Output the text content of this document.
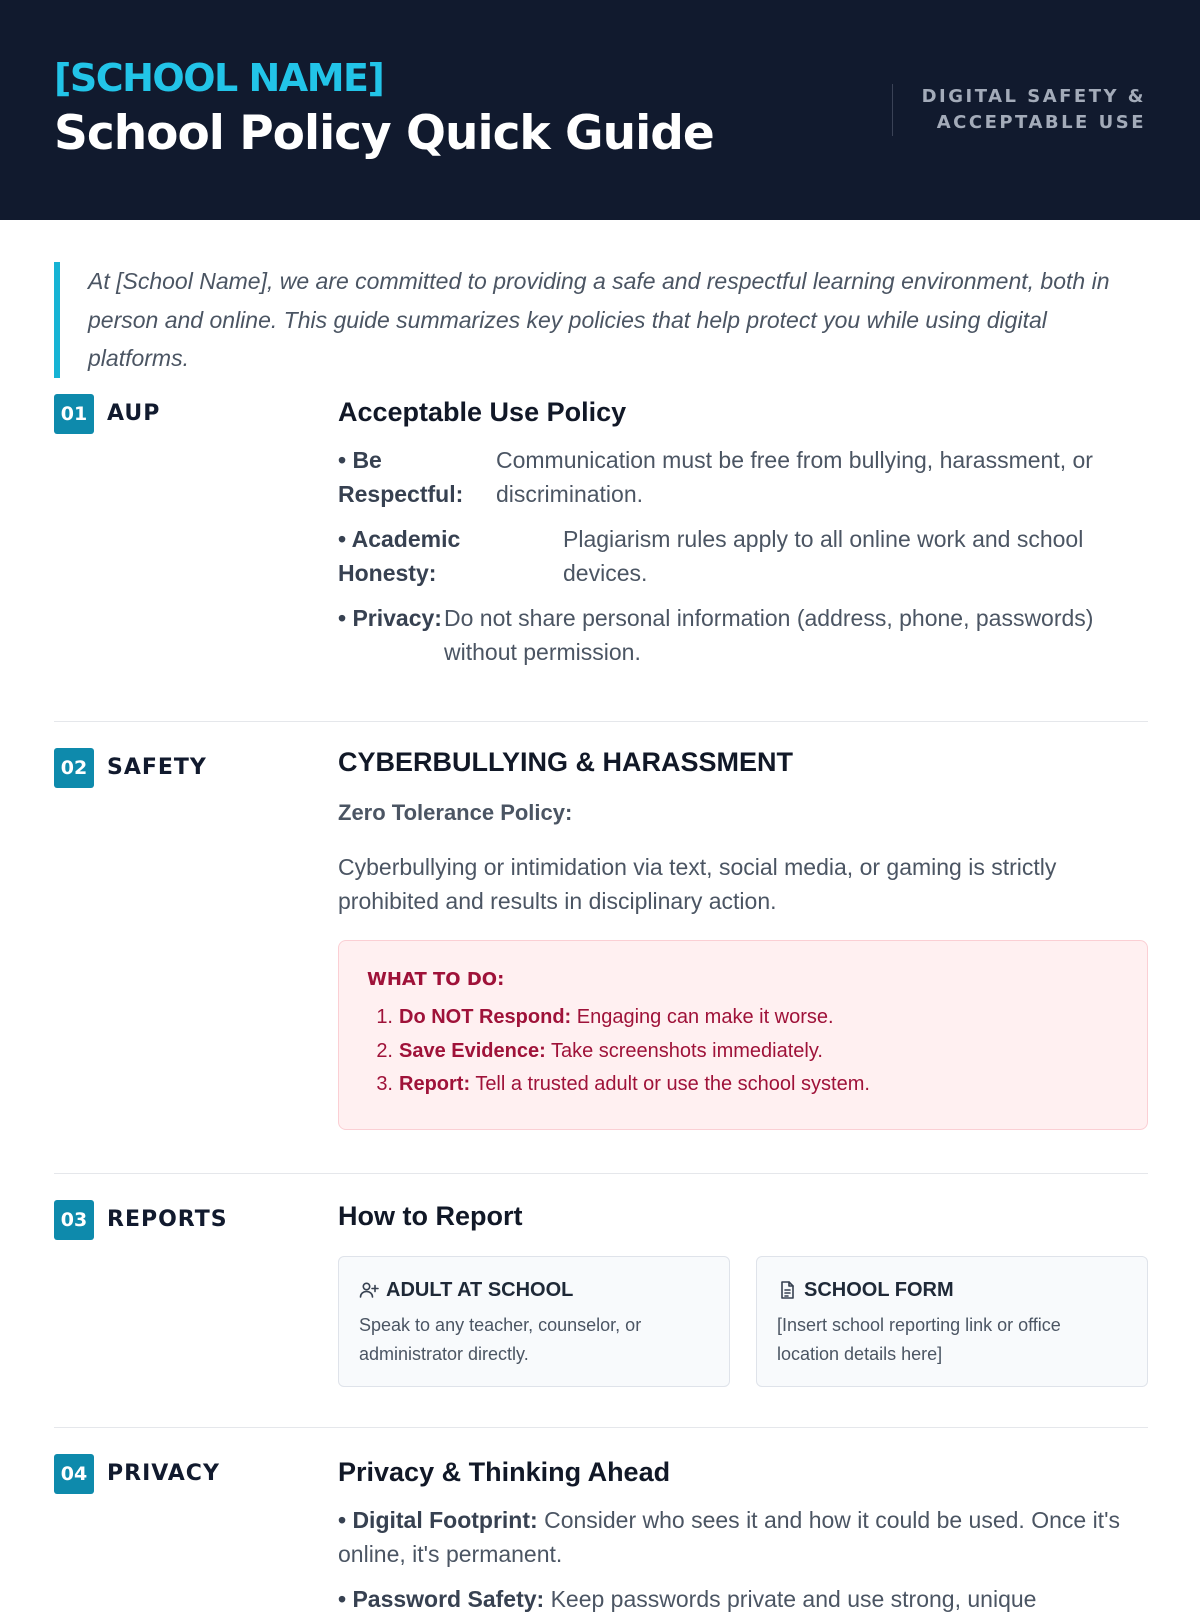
[SCHOOL NAME]
School Policy Quick Guide
DIGITAL SAFETY &
ACCEPTABLE USE
At [School Name], we are committed to providing a safe and respectful learning environment, both in person and online. This guide summarizes key policies that help protect you while using digital platforms.
01 AUP	Acceptable Use Policy
• Be Respectful:
Communication must be free from bullying, harassment, or discrimination.
• Academic Honesty:
Plagiarism rules apply to all online work and school devices.
• Privacy: Do not share personal information (address, phone, passwords) without permission.
02 SAFETY	CYBERBULLYING & HARASSMENT
Zero Tolerance Policy:
Cyberbullying or intimidation via text, social media, or gaming is strictly prohibited and results in disciplinary action.
WHAT TO DO:
1. Do NOT Respond: Engaging can make it worse.
2. Save Evidence: Take screenshots immediately.
3. Report: Tell a trusted adult or use the school system.
03 REPORTS	How to Report
ADULT AT SCHOOL
Speak to any teacher, counselor, or administrator directly.
SCHOOL FORM
[Insert school reporting link or office location details here]
04 PRIVACY	Privacy & Thinking Ahead
• Digital Footprint: Consider who sees it and how it could be used. Once it's online, it's permanent.
• Password Safety: Keep passwords private and use strong, unique
